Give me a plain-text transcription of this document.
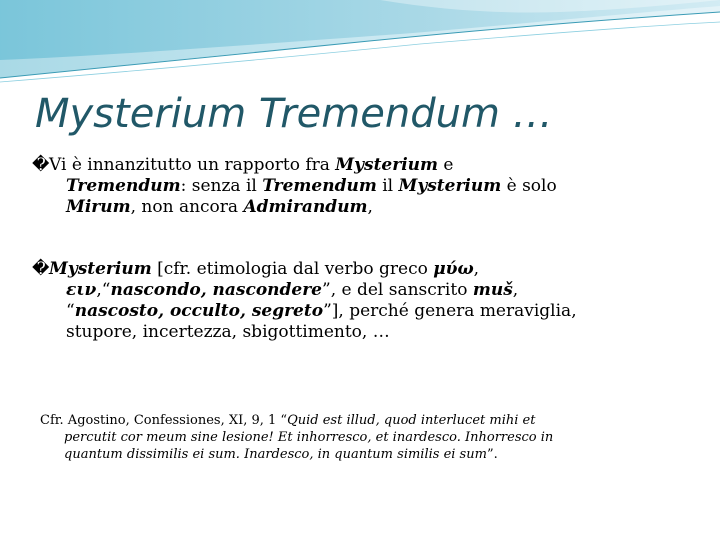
Mysterium Tremendum …

�Vi è innanzitutto un rapporto fra Mysterium e
Tremendum: senza il Tremendum il Mysterium è solo
Mirum, non ancora Admirandum,

�Mysterium [cfr. etimologia dal verbo greco μύω,
ειν,“nascondo, nascondere”, e del sanscrito muš,
“nascosto, occulto, segreto”], perché genera meraviglia,
stupore, incertezza, sbigottimento, …

Cfr. Agostino, Confessiones, XI, 9, 1 “Quid est illud, quod interlucet mihi et
percutit cor meum sine lesione! Et inhorresco, et inardesco. Inhorresco in
quantum dissimilis ei sum. Inardesco, in quantum similis ei sum”.
